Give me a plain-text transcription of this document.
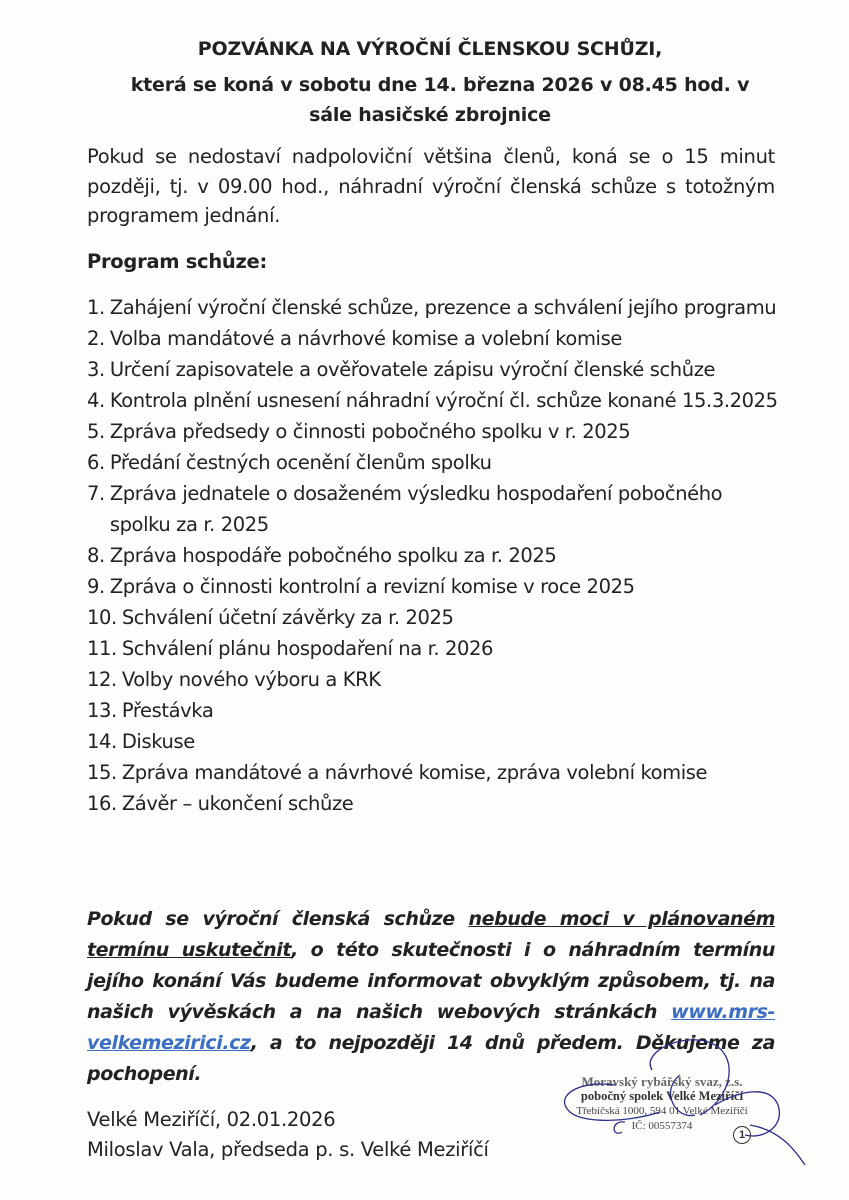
POZVÁNKA NA VÝROČNÍ ČLENSKOU SCHŮZI,
která se koná v sobotu dne 14. března 2026 v 08.45 hod. v
sále hasičské zbrojnice
Pokud se nedostaví nadpoloviční většina členů, koná se o 15 minut později, tj. v 09.00 hod., náhradní výroční členská schůze s totožným programem jednání.
Program schůze:
1. Zahájení výroční členské schůze, prezence a schválení jejího programu
2. Volba mandátové a návrhové komise a volební komise
3. Určení zapisovatele a ověřovatele zápisu výroční členské schůze
4. Kontrola plnění usnesení náhradní výroční čl. schůze konané 15.3.2025
5. Zpráva předsedy o činnosti pobočného spolku v r. 2025
6. Předání čestných ocenění členům spolku
7. Zpráva jednatele o dosaženém výsledku hospodaření pobočného spolku za r. 2025
8. Zpráva hospodáře pobočného spolku za r. 2025
9. Zpráva o činnosti kontrolní a revizní komise v roce 2025
10. Schválení účetní závěrky za r. 2025
11. Schválení plánu hospodaření na r. 2026
12. Volby nového výboru a KRK
13. Přestávka
14. Diskuse
15. Zpráva mandátové a návrhové komise, zpráva volební komise
16. Závěr – ukončení schůze
Pokud se výroční členská schůze nebude moci v plánovaném termínu uskutečnit, o této skutečnosti i o náhradním termínu jejího konání Vás budeme informovat obvyklým způsobem, tj. na našich vývěskách a na našich webových stránkách www.mrs-velkemezirici.cz, a to nejpozději 14 dnů předem. Děkujeme za pochopení.
Velké Meziříčí, 02.01.2026
Miloslav Vala, předseda p. s. Velké Meziříčí
Moravský rybářský svaz, z.s.
pobočný spolek Velké Meziříčí
Třebíčská 1000, 594 01 Velké Meziříčí
IČ: 00557374
1
